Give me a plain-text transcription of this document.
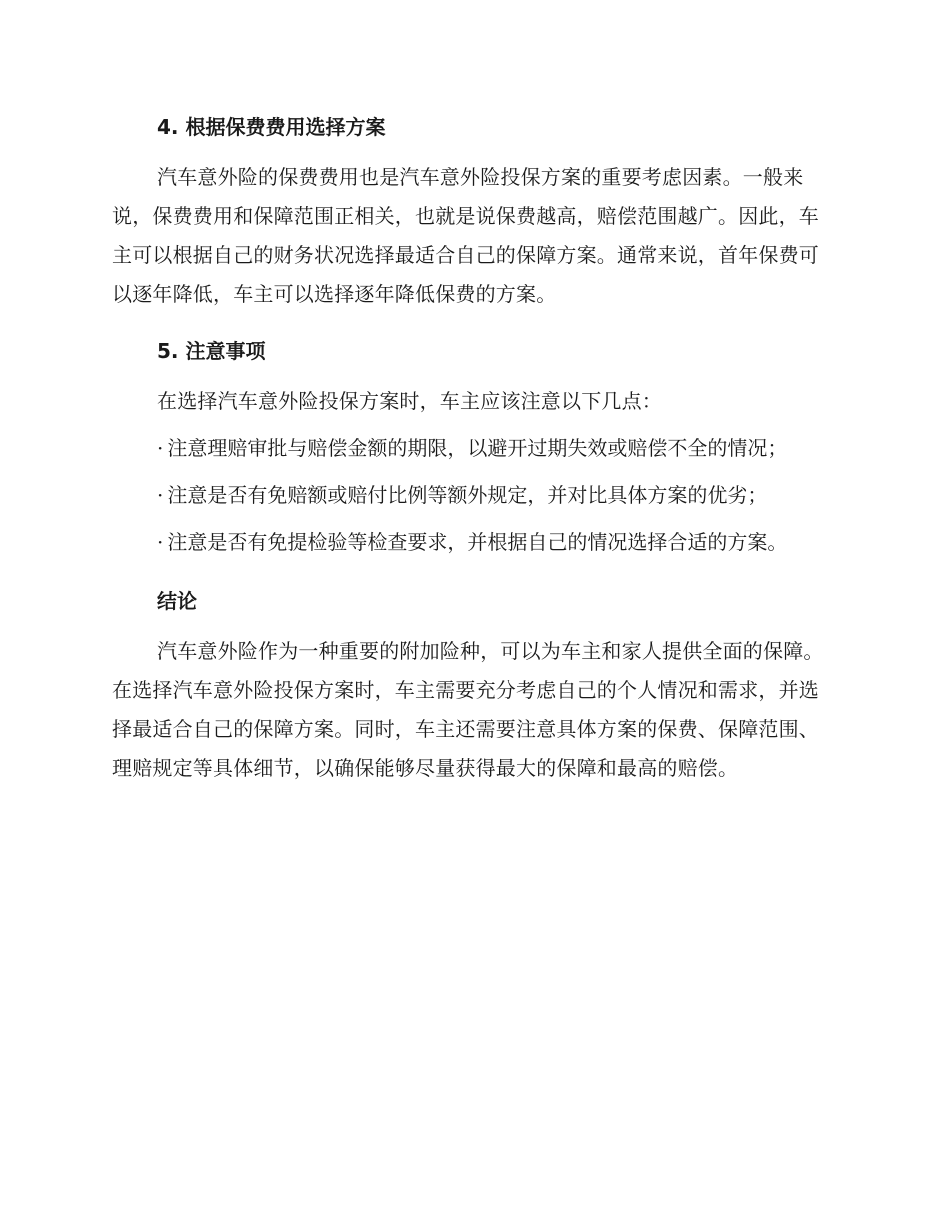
4. 根据保费费用选择方案

汽车意外险的保费费用也是汽车意外险投保方案的重要考虑因素。一般来说，保费费用和保障范围正相关，也就是说保费越高，赔偿范围越广。因此，车主可以根据自己的财务状况选择最适合自己的保障方案。通常来说，首年保费可以逐年降低，车主可以选择逐年降低保费的方案。

5. 注意事项

在选择汽车意外险投保方案时，车主应该注意以下几点：

· 注意理赔审批与赔偿金额的期限，以避开过期失效或赔偿不全的情况；

· 注意是否有免赔额或赔付比例等额外规定，并对比具体方案的优劣；

· 注意是否有免提检验等检查要求，并根据自己的情况选择合适的方案。

结论

汽车意外险作为一种重要的附加险种，可以为车主和家人提供全面的保障。在选择汽车意外险投保方案时，车主需要充分考虑自己的个人情况和需求，并选择最适合自己的保障方案。同时，车主还需要注意具体方案的保费、保障范围、理赔规定等具体细节，以确保能够尽量获得最大的保障和最高的赔偿。
